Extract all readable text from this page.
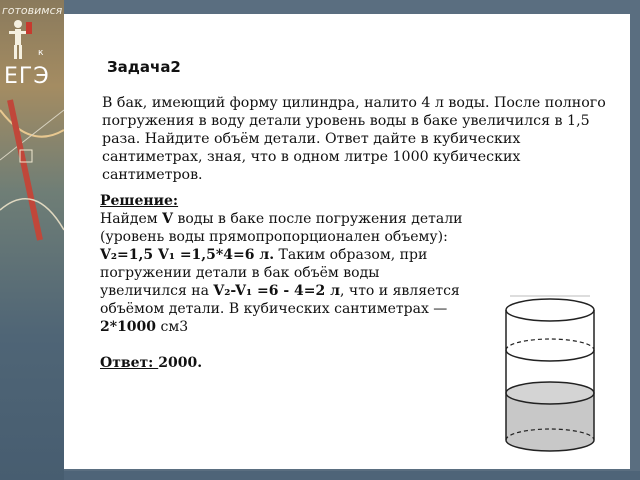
готовимся
к
ЕГЭ	Задача2
В бак, имеющий форму цилиндра, налито 4 л воды. После полного погружения в воду детали уровень воды в баке увеличился в 1,5 раза. Найдите объём детали. Ответ дайте в кубических сантиметрах, зная, что в одном литре 1000 кубических сантиметров.
Решение:
Найдем V воды в баке после погружения детали
(уровень воды прямопропорционален объему):
V₂=1,5 V₁ =1,5*4=6 л. Таким образом, при погружении детали в бак объём воды увеличился на V₂-V₁ =6 - 4=2 л, что и является объёмом детали. В кубических сантиметрах — 2*1000 см3
Ответ: 2000.
